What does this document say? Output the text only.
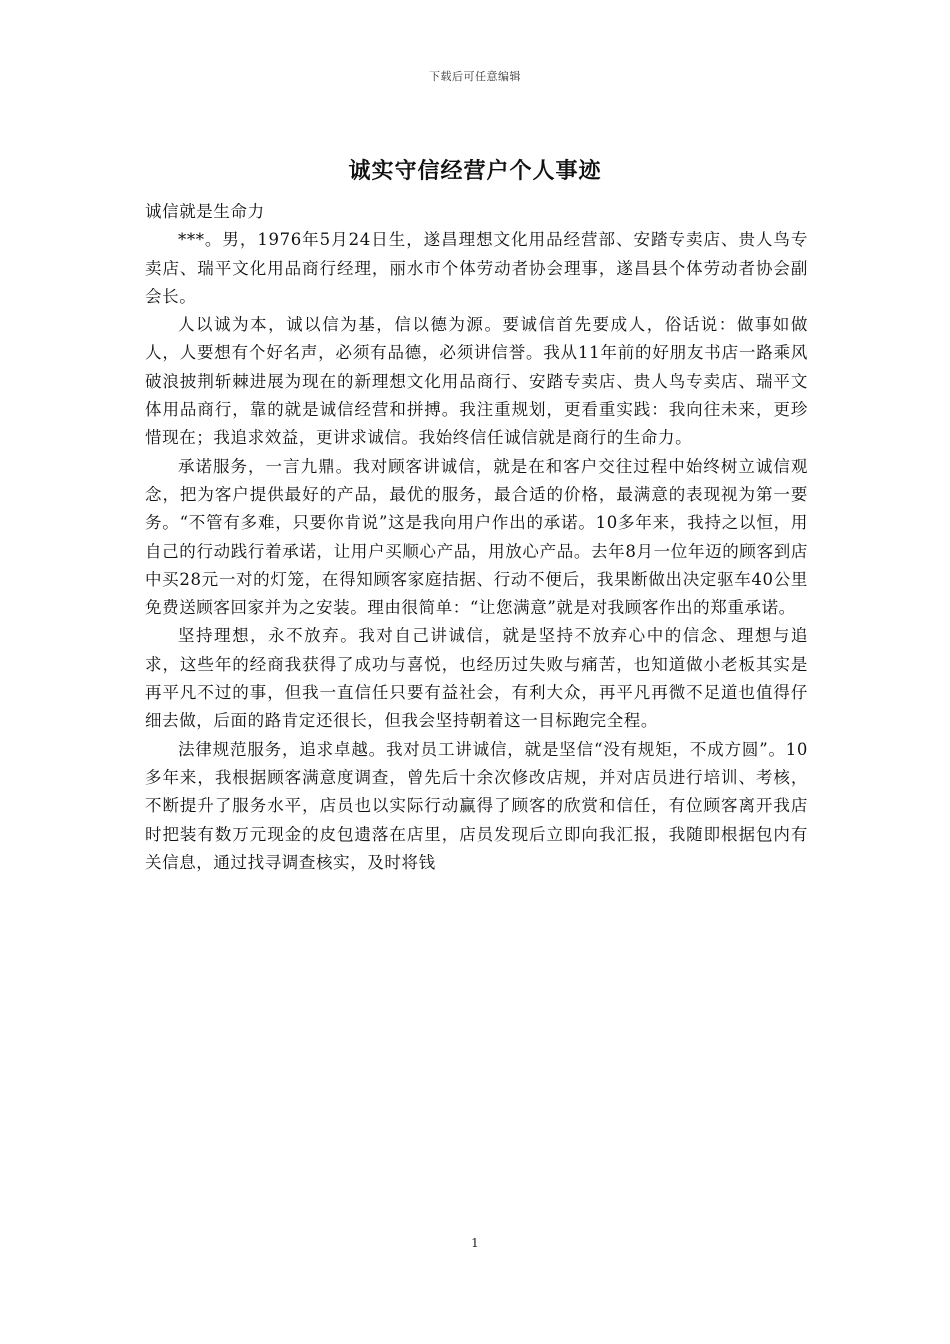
下载后可任意编辑
诚实守信经营户个人事迹

诚信就是生命力

***。男，1976年5月24日生，遂昌理想文化用品经营部、安踏专卖店、贵人鸟专卖店、瑞平文化用品商行经理，丽水市个体劳动者协会理事，遂昌县个体劳动者协会副会长。

人以诚为本，诚以信为基，信以德为源。要诚信首先要成人，俗话说：做事如做人，人要想有个好名声，必须有品德，必须讲信誉。我从11年前的好朋友书店一路乘风破浪披荆斩棘进展为现在的新理想文化用品商行、安踏专卖店、贵人鸟专卖店、瑞平文体用品商行，靠的就是诚信经营和拼搏。我注重规划，更看重实践：我向往未来，更珍惜现在；我追求效益，更讲求诚信。我始终信任诚信就是商行的生命力。

承诺服务，一言九鼎。我对顾客讲诚信，就是在和客户交往过程中始终树立诚信观念，把为客户提供最好的产品，最优的服务，最合适的价格，最满意的表现视为第一要务。“不管有多难，只要你肯说”这是我向用户作出的承诺。10多年来，我持之以恒，用自己的行动践行着承诺，让用户买顺心产品，用放心产品。去年8月一位年迈的顾客到店中买28元一对的灯笼，在得知顾客家庭拮据、行动不便后，我果断做出决定驱车40公里免费送顾客回家并为之安装。理由很简单：“让您满意”就是对我顾客作出的郑重承诺。

坚持理想，永不放弃。我对自己讲诚信，就是坚持不放弃心中的信念、理想与追求，这些年的经商我获得了成功与喜悦，也经历过失败与痛苦，也知道做小老板其实是再平凡不过的事，但我一直信任只要有益社会，有利大众，再平凡再微不足道也值得仔细去做，后面的路肯定还很长，但我会坚持朝着这一目标跑完全程。

法律规范服务，追求卓越。我对员工讲诚信，就是坚信“没有规矩，不成方圆”。10多年来，我根据顾客满意度调查，曾先后十余次修改店规，并对店员进行培训、考核，不断提升了服务水平，店员也以实际行动赢得了顾客的欣赏和信任，有位顾客离开我店时把装有数万元现金的皮包遗落在店里，店员发现后立即向我汇报，我随即根据包内有关信息，通过找寻调查核实，及时将钱

1
